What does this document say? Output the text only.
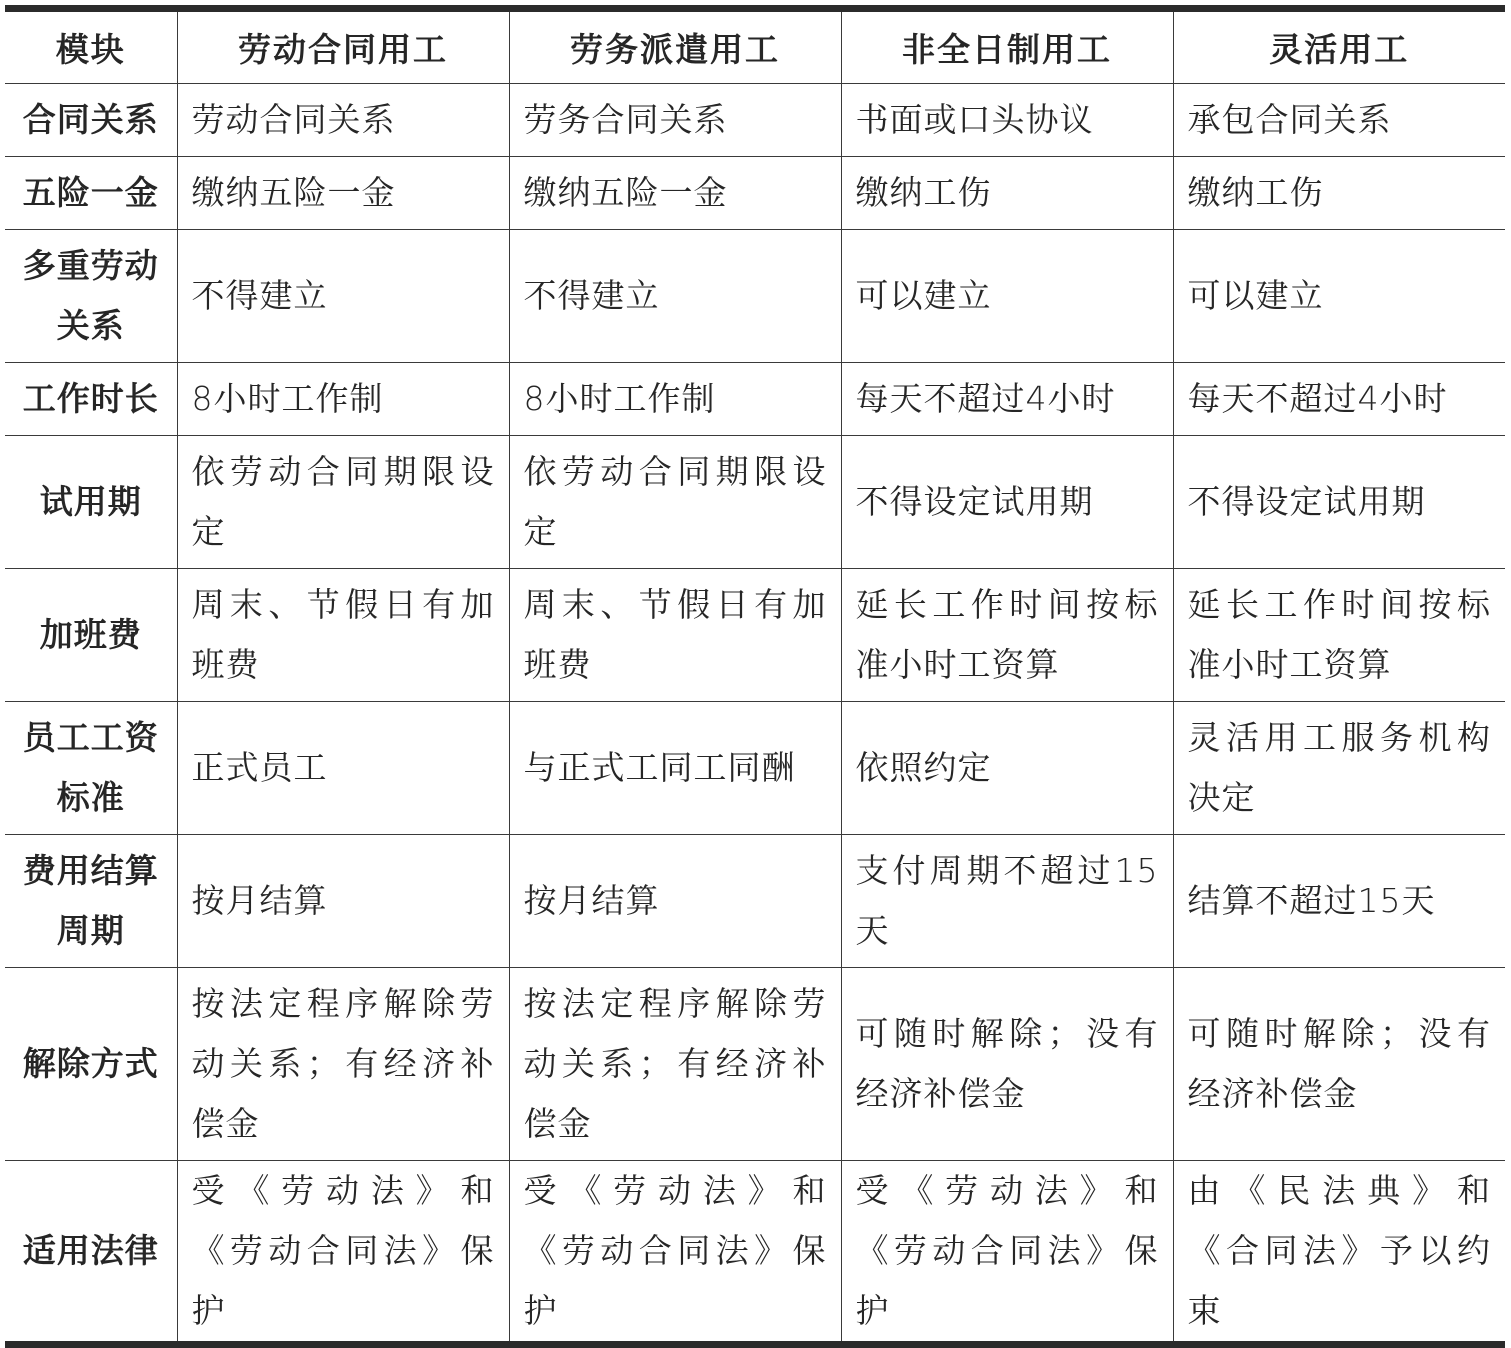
模块	劳动合同用工	劳务派遣用工	非全日制用工	灵活用工
合同关系	劳动合同关系	劳务合同关系	书面或口头协议	承包合同关系
五险一金	缴纳五险一金	缴纳五险一金	缴纳工伤	缴纳工伤
多重劳动关系	不得建立	不得建立	可以建立	可以建立
工作时长	8小时工作制	8小时工作制	每天不超过4小时	每天不超过4小时
试用期	依劳动合同期限设定	依劳动合同期限设定	不得设定试用期	不得设定试用期
加班费	周末、节假日有加班费	周末、节假日有加班费	延长工作时间按标准小时工资算	延长工作时间按标准小时工资算
员工工资标准	正式员工	与正式工同工同酬	依照约定	灵活用工服务机构决定
费用结算周期	按月结算	按月结算	支付周期不超过15天	结算不超过15天
解除方式	按法定程序解除劳动关系；有经济补偿金	按法定程序解除劳动关系；有经济补偿金	可随时解除；没有经济补偿金	可随时解除；没有经济补偿金
适用法律	受《劳动法》和《劳动合同法》保护	受《劳动法》和《劳动合同法》保护	受《劳动法》和《劳动合同法》保护	由《民法典》和《合同法》予以约束
